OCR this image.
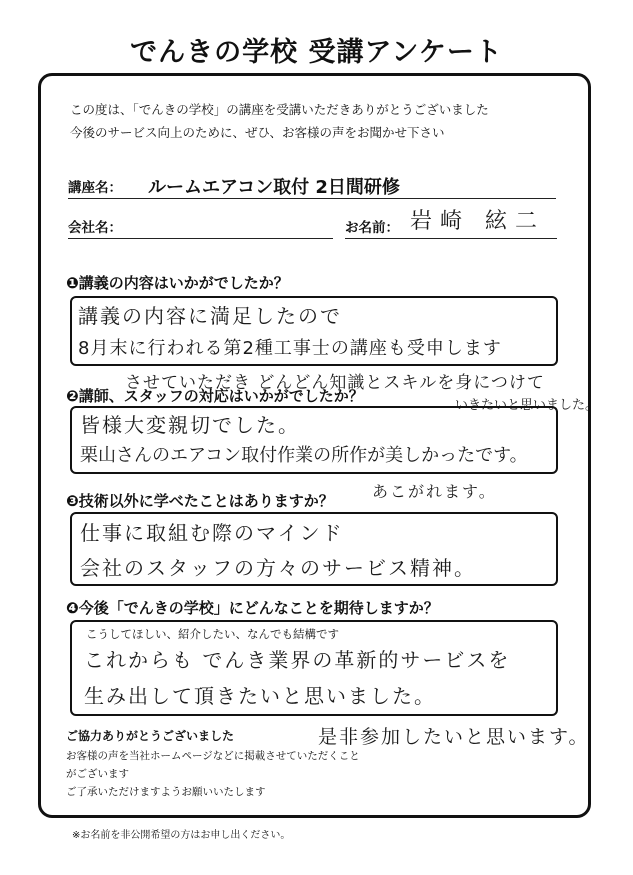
でんきの学校 受講アンケート
この度は、「でんきの学校」の講座を受講いただきありがとうございました
今後のサービス向上のために、ぜひ、お客様の声をお聞かせ下さい
講座名： ルームエアコン取付 2日間研修
会社名：	お名前： 岩崎 絃二
❶講義の内容はいかがでしたか？
講義の内容に満足したので
8月末に行われる第2種工事士の講座も受申します
させていただき どんどん知識とスキルを身につけて
いきたいと思いました。
❷講師、スタッフの対応はいかがでしたか？
皆様大変親切でした。
栗山さんのエアコン取付作業の所作が美しかったです。
あこがれます。
❸技術以外に学べたことはありますか？
仕事に取組む際のマインド
会社のスタッフの方々のサービス精神。
❹今後「でんきの学校」にどんなことを期待しますか？
こうしてほしい、紹介したい、なんでも結構です
これからも でんき業界の革新的サービスを
生み出して頂きたいと思いました。
是非参加したいと思います。
ご協力ありがとうございました
お客様の声を当社ホームページなどに掲載させていただくこと
がございます
ご了承いただけますようお願いいたします
※お名前を非公開希望の方はお申し出ください。
